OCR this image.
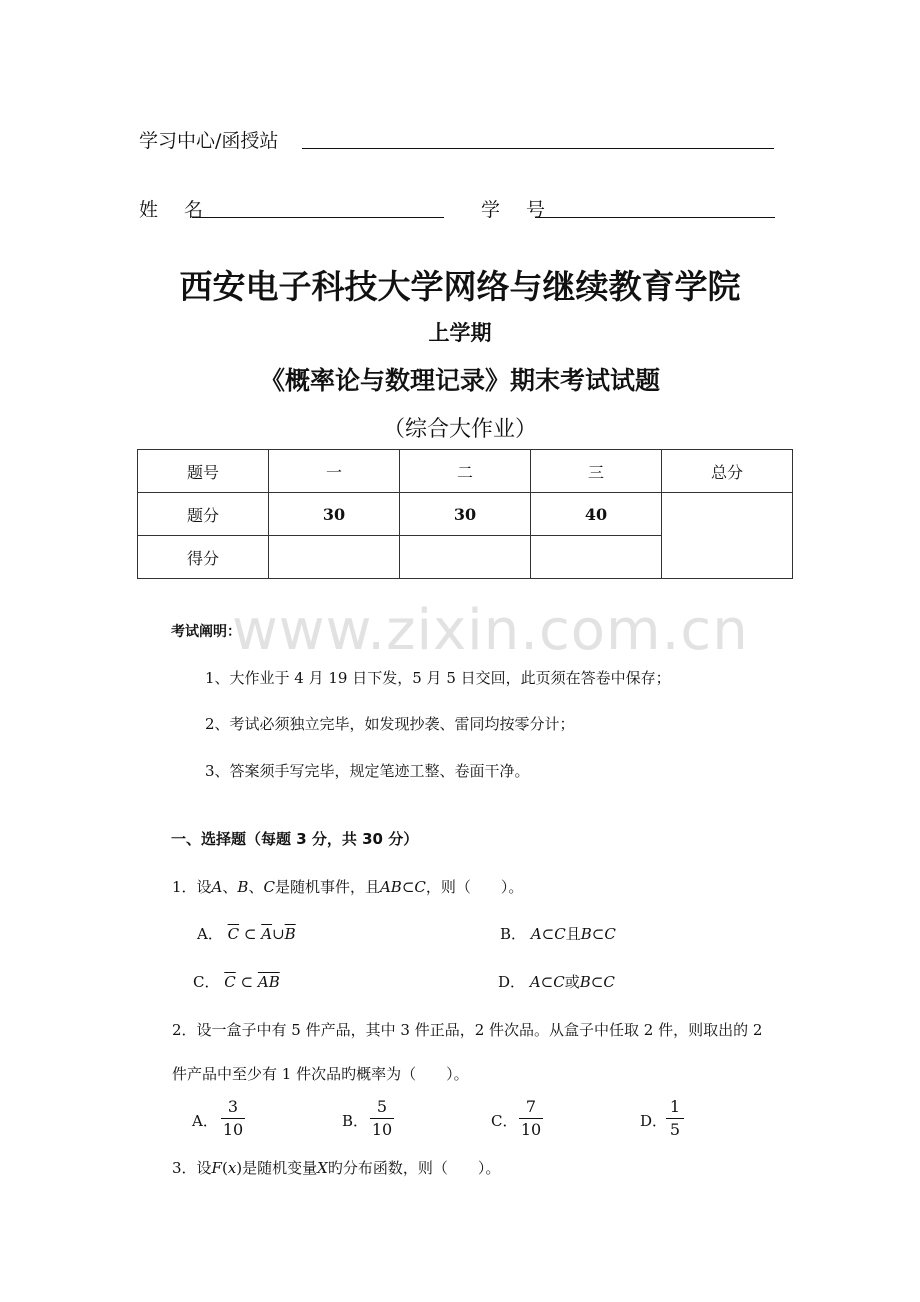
学习中心/函授站
姓 名	学 号
西安电子科技大学网络与继续教育学院
上学期
《概率论与数理记录》期末考试试题
（综合大作业）
题号	一	二	三	总分
题分	30	30	40	
得分				
www.zixin.com.cn
考试阐明：
1、大作业于 4 月 19 日下发，5 月 5 日交回，此页须在答卷中保存；
2、考试必须独立完毕，如发现抄袭、雷同均按零分计；
3、答案须手写完毕，规定笔迹工整、卷面干净。
一、选择题（每题 3 分，共 30 分）
1．设A、B、C是随机事件，且AB⊂C，则（　　）。
A． $\overline{C}$ ⊂ $\overline{A}\cup\overline{B}$	B． A⊂C且B⊂C
C． $\overline{C}$ ⊂ $\overline{AB}$	D． A⊂C或B⊂C
2．设一盒子中有 5 件产品，其中 3 件正品，2 件次品。从盒子中任取 2 件，则取出的 2
件产品中至少有 1 件次品旳概率为（　　）。
A．
3
10	B．
5
10	C．
7
10	D．
1
5
3．设F(x)是随机变量X旳分布函数，则（　　）。
